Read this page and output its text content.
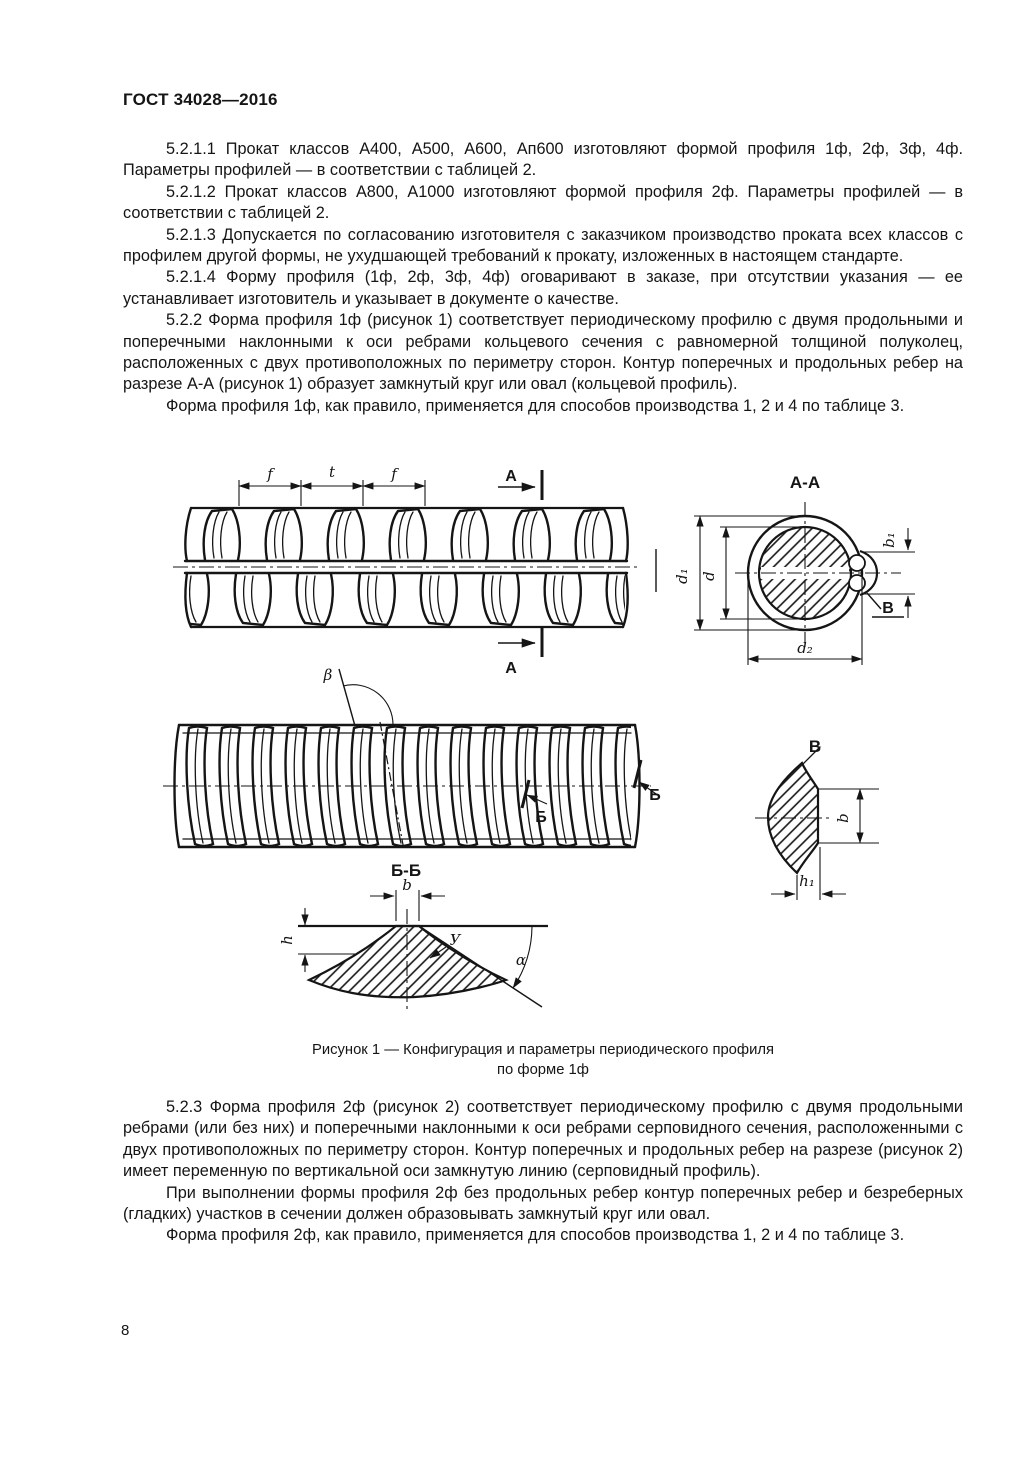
ГОСТ 34028—2016

5.2.1.1 Прокат классов А400, А500, А600, Ап600 изготовляют формой профиля 1ф, 2ф, 3ф, 4ф. Параметры профилей — в соответствии с таблицей 2.

5.2.1.2 Прокат классов А800, А1000 изготовляют формой профиля 2ф. Параметры профилей — в соответствии с таблицей 2.

5.2.1.3 Допускается по согласованию изготовителя с заказчиком производство проката всех классов с профилем другой формы, не ухудшающей требований к прокату, изложенных в настоящем стандарте.

5.2.1.4 Форму профиля (1ф, 2ф, 3ф, 4ф) оговаривают в заказе, при отсутствии указания — ее устанавливает изготовитель и указывает в документе о качестве.

5.2.2 Форма профиля 1ф (рисунок 1) соответствует периодическому профилю с двумя продольными и поперечными наклонными к оси ребрами кольцевого сечения с равномерной толщиной полуколец, расположенных с двух противоположных по периметру сторон. Контур поперечных и продольных ребер на разрезе А-А (рисунок 1) образует замкнутый круг или овал (кольцевой профиль).

Форма профиля 1ф, как правило, применяется для способов производства 1, 2 и 4 по таблице 3.

f	t	f	А
А
А-А
d₁ d
d₂
b₁
В
β
Б
Б
Б-Б
h
b
У
α
В
b
h₁
Рисунок 1 — Конфигурация и параметры периодического профиля
по форме 1ф

5.2.3 Форма профиля 2ф (рисунок 2) соответствует периодическому профилю с двумя продольными ребрами (или без них) и поперечными наклонными к оси ребрами серповидного сечения, расположенными с двух противоположных по периметру сторон. Контур поперечных и продольных ребер на разрезе (рисунок 2) имеет переменную по вертикальной оси замкнутую линию (серповидный профиль).

При выполнении формы профиля 2ф без продольных ребер контур поперечных ребер и безреберных (гладких) участков в сечении должен образовывать замкнутый круг или овал.

Форма профиля 2ф, как правило, применяется для способов производства 1, 2 и 4 по таблице 3.

8
